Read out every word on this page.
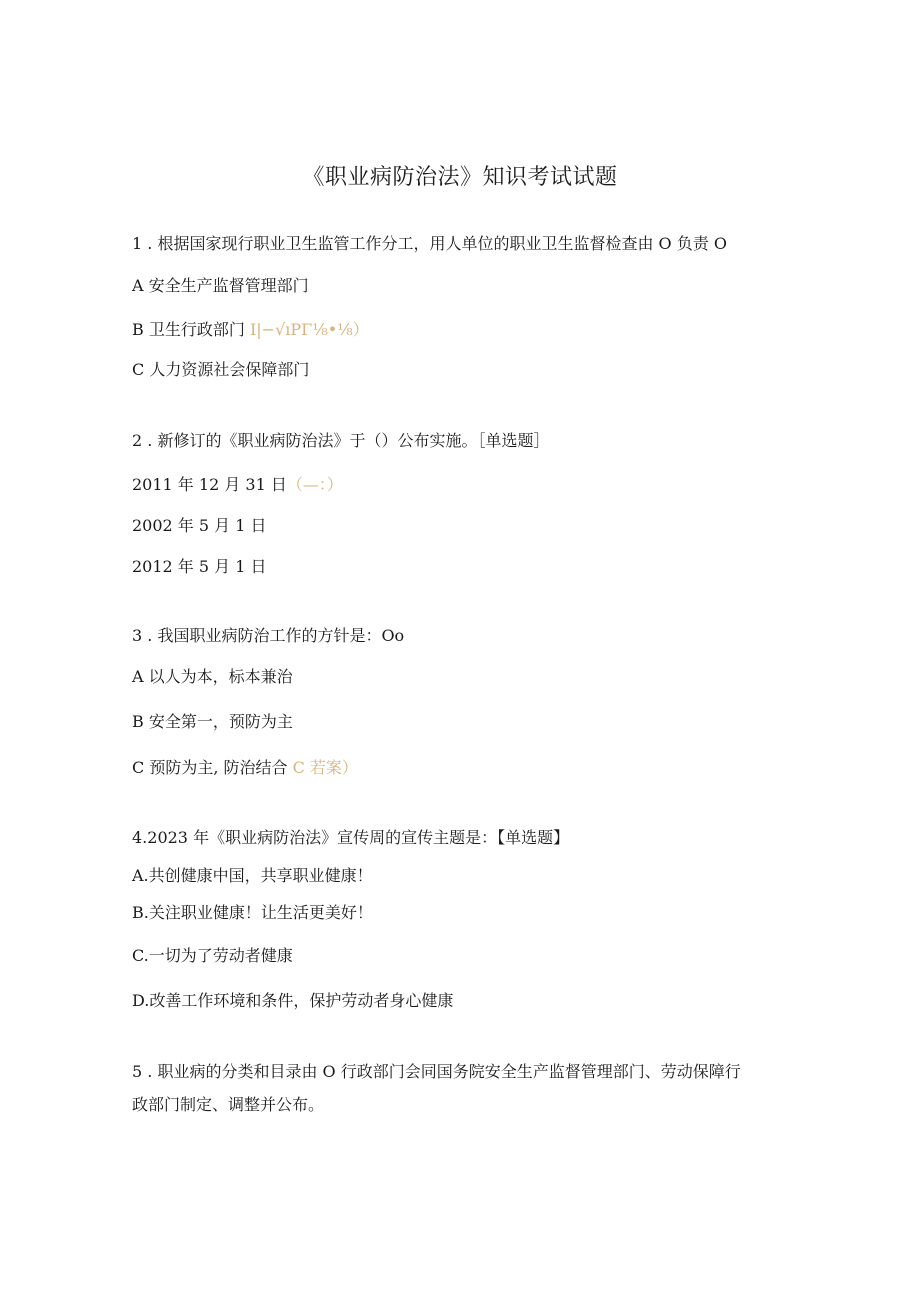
《职业病防治法》知识考试试题
1 . 根据国家现行职业卫生监管工作分工，用人单位的职业卫生监督检查由 O 负责 O
A 安全生产监督管理部门
B 卫生行政部门 I|−√ıPΓ⅛•⅛）
C 人力资源社会保障部门
2 . 新修订的《职业病防治法》于（）公布实施。［单选题］
2011 年 12 月 31 日（—：）
2002 年 5 月 1 日
2012 年 5 月 1 日
3 . 我国职业病防治工作的方针是：Oo
A 以人为本，标本兼治
B 安全第一，预防为主
C 预防为主, 防治结合 C 若案）
4.2023 年《职业病防治法》宣传周的宣传主题是：【单选题】
A.共创健康中国，共享职业健康！
B.关注职业健康！让生活更美好！
C.一切为了劳动者健康
D.改善工作环境和条件，保护劳动者身心健康
5 . 职业病的分类和目录由 O 行政部门会同国务院安全生产监督管理部门、劳动保障行
政部门制定、调整并公布。
